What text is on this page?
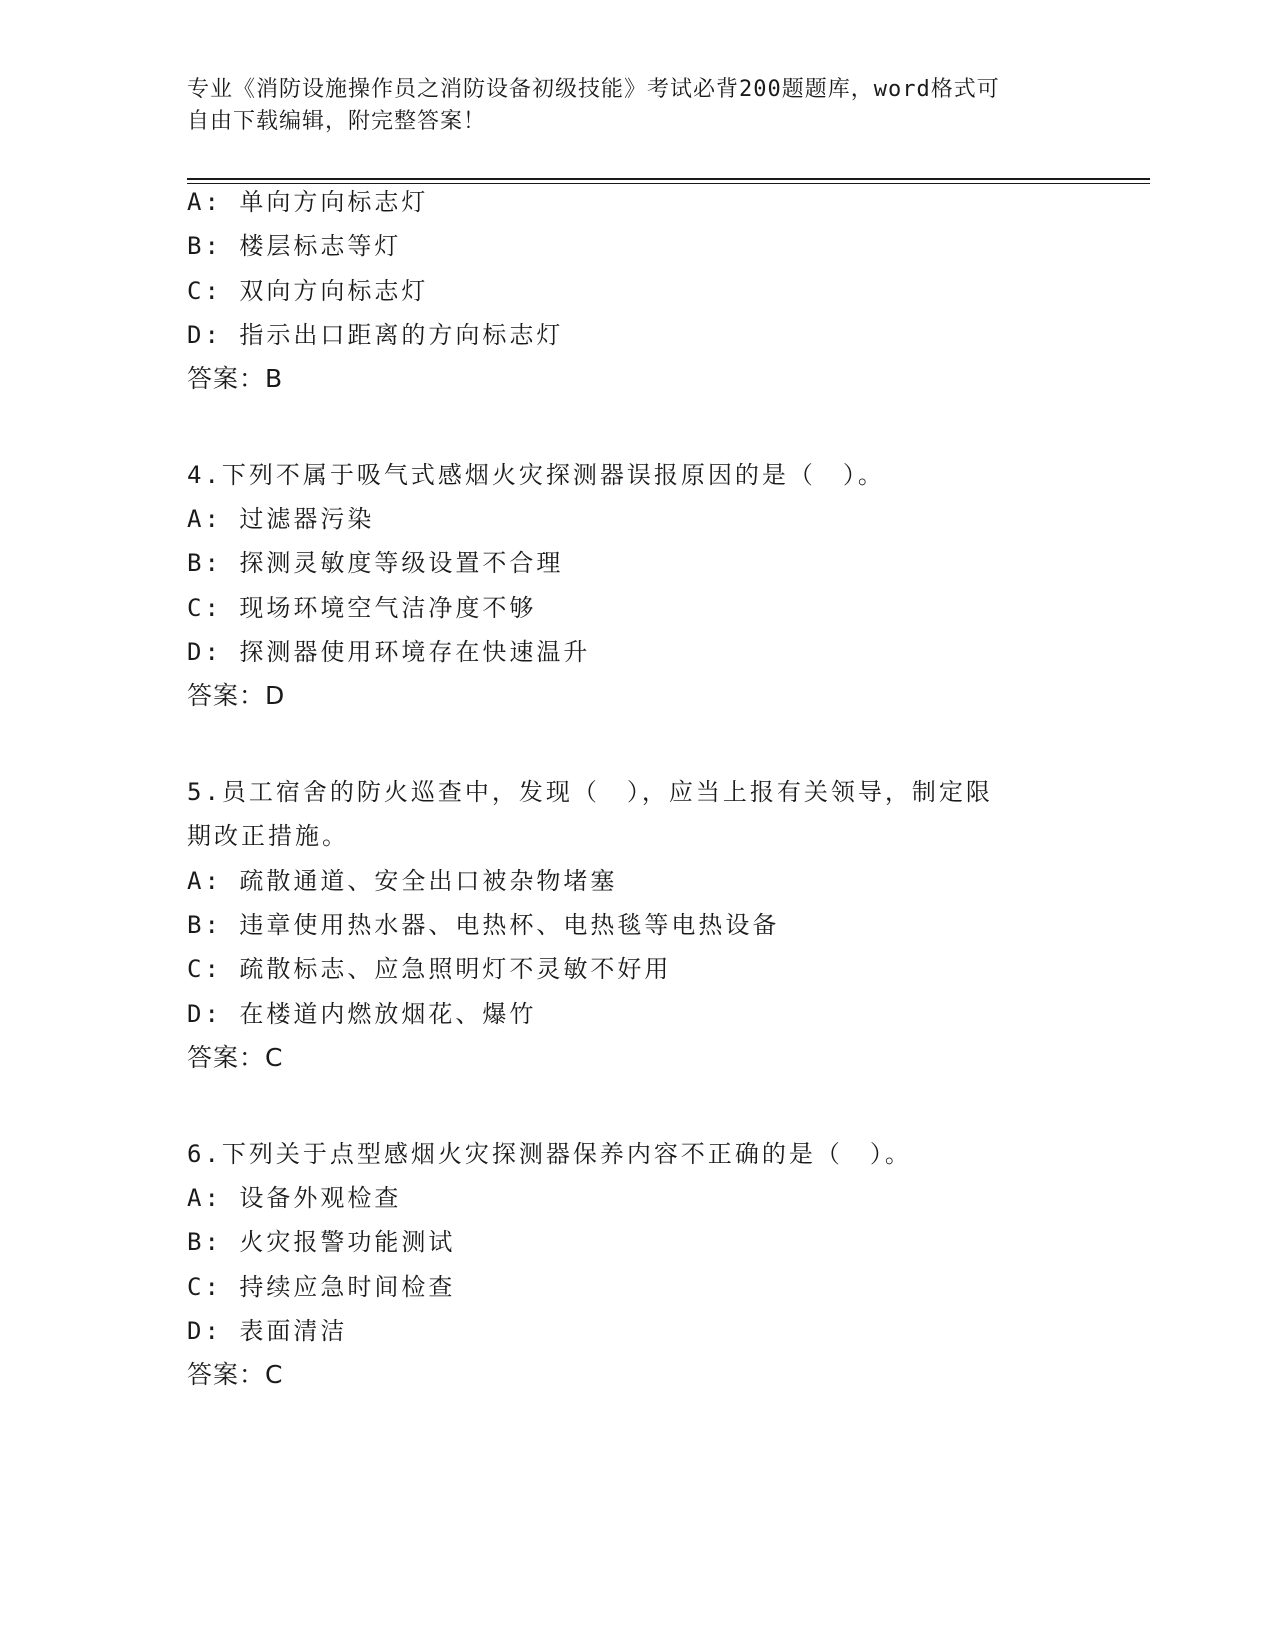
专业《消防设施操作员之消防设备初级技能》考试必背200题题库，word格式可
自由下载编辑，附完整答案！
A: 单向方向标志灯
B: 楼层标志等灯
C: 双向方向标志灯
D: 指示出口距离的方向标志灯
答案：B
4.下列不属于吸气式感烟火灾探测器误报原因的是（　）。
A: 过滤器污染
B: 探测灵敏度等级设置不合理
C: 现场环境空气洁净度不够
D: 探测器使用环境存在快速温升
答案：D
5.员工宿舍的防火巡查中，发现（　），应当上报有关领导，制定限
期改正措施。
A: 疏散通道、安全出口被杂物堵塞
B: 违章使用热水器、电热杯、电热毯等电热设备
C: 疏散标志、应急照明灯不灵敏不好用
D: 在楼道内燃放烟花、爆竹
答案：C
6.下列关于点型感烟火灾探测器保养内容不正确的是（　）。
A: 设备外观检查
B: 火灾报警功能测试
C: 持续应急时间检查
D: 表面清洁
答案：C
